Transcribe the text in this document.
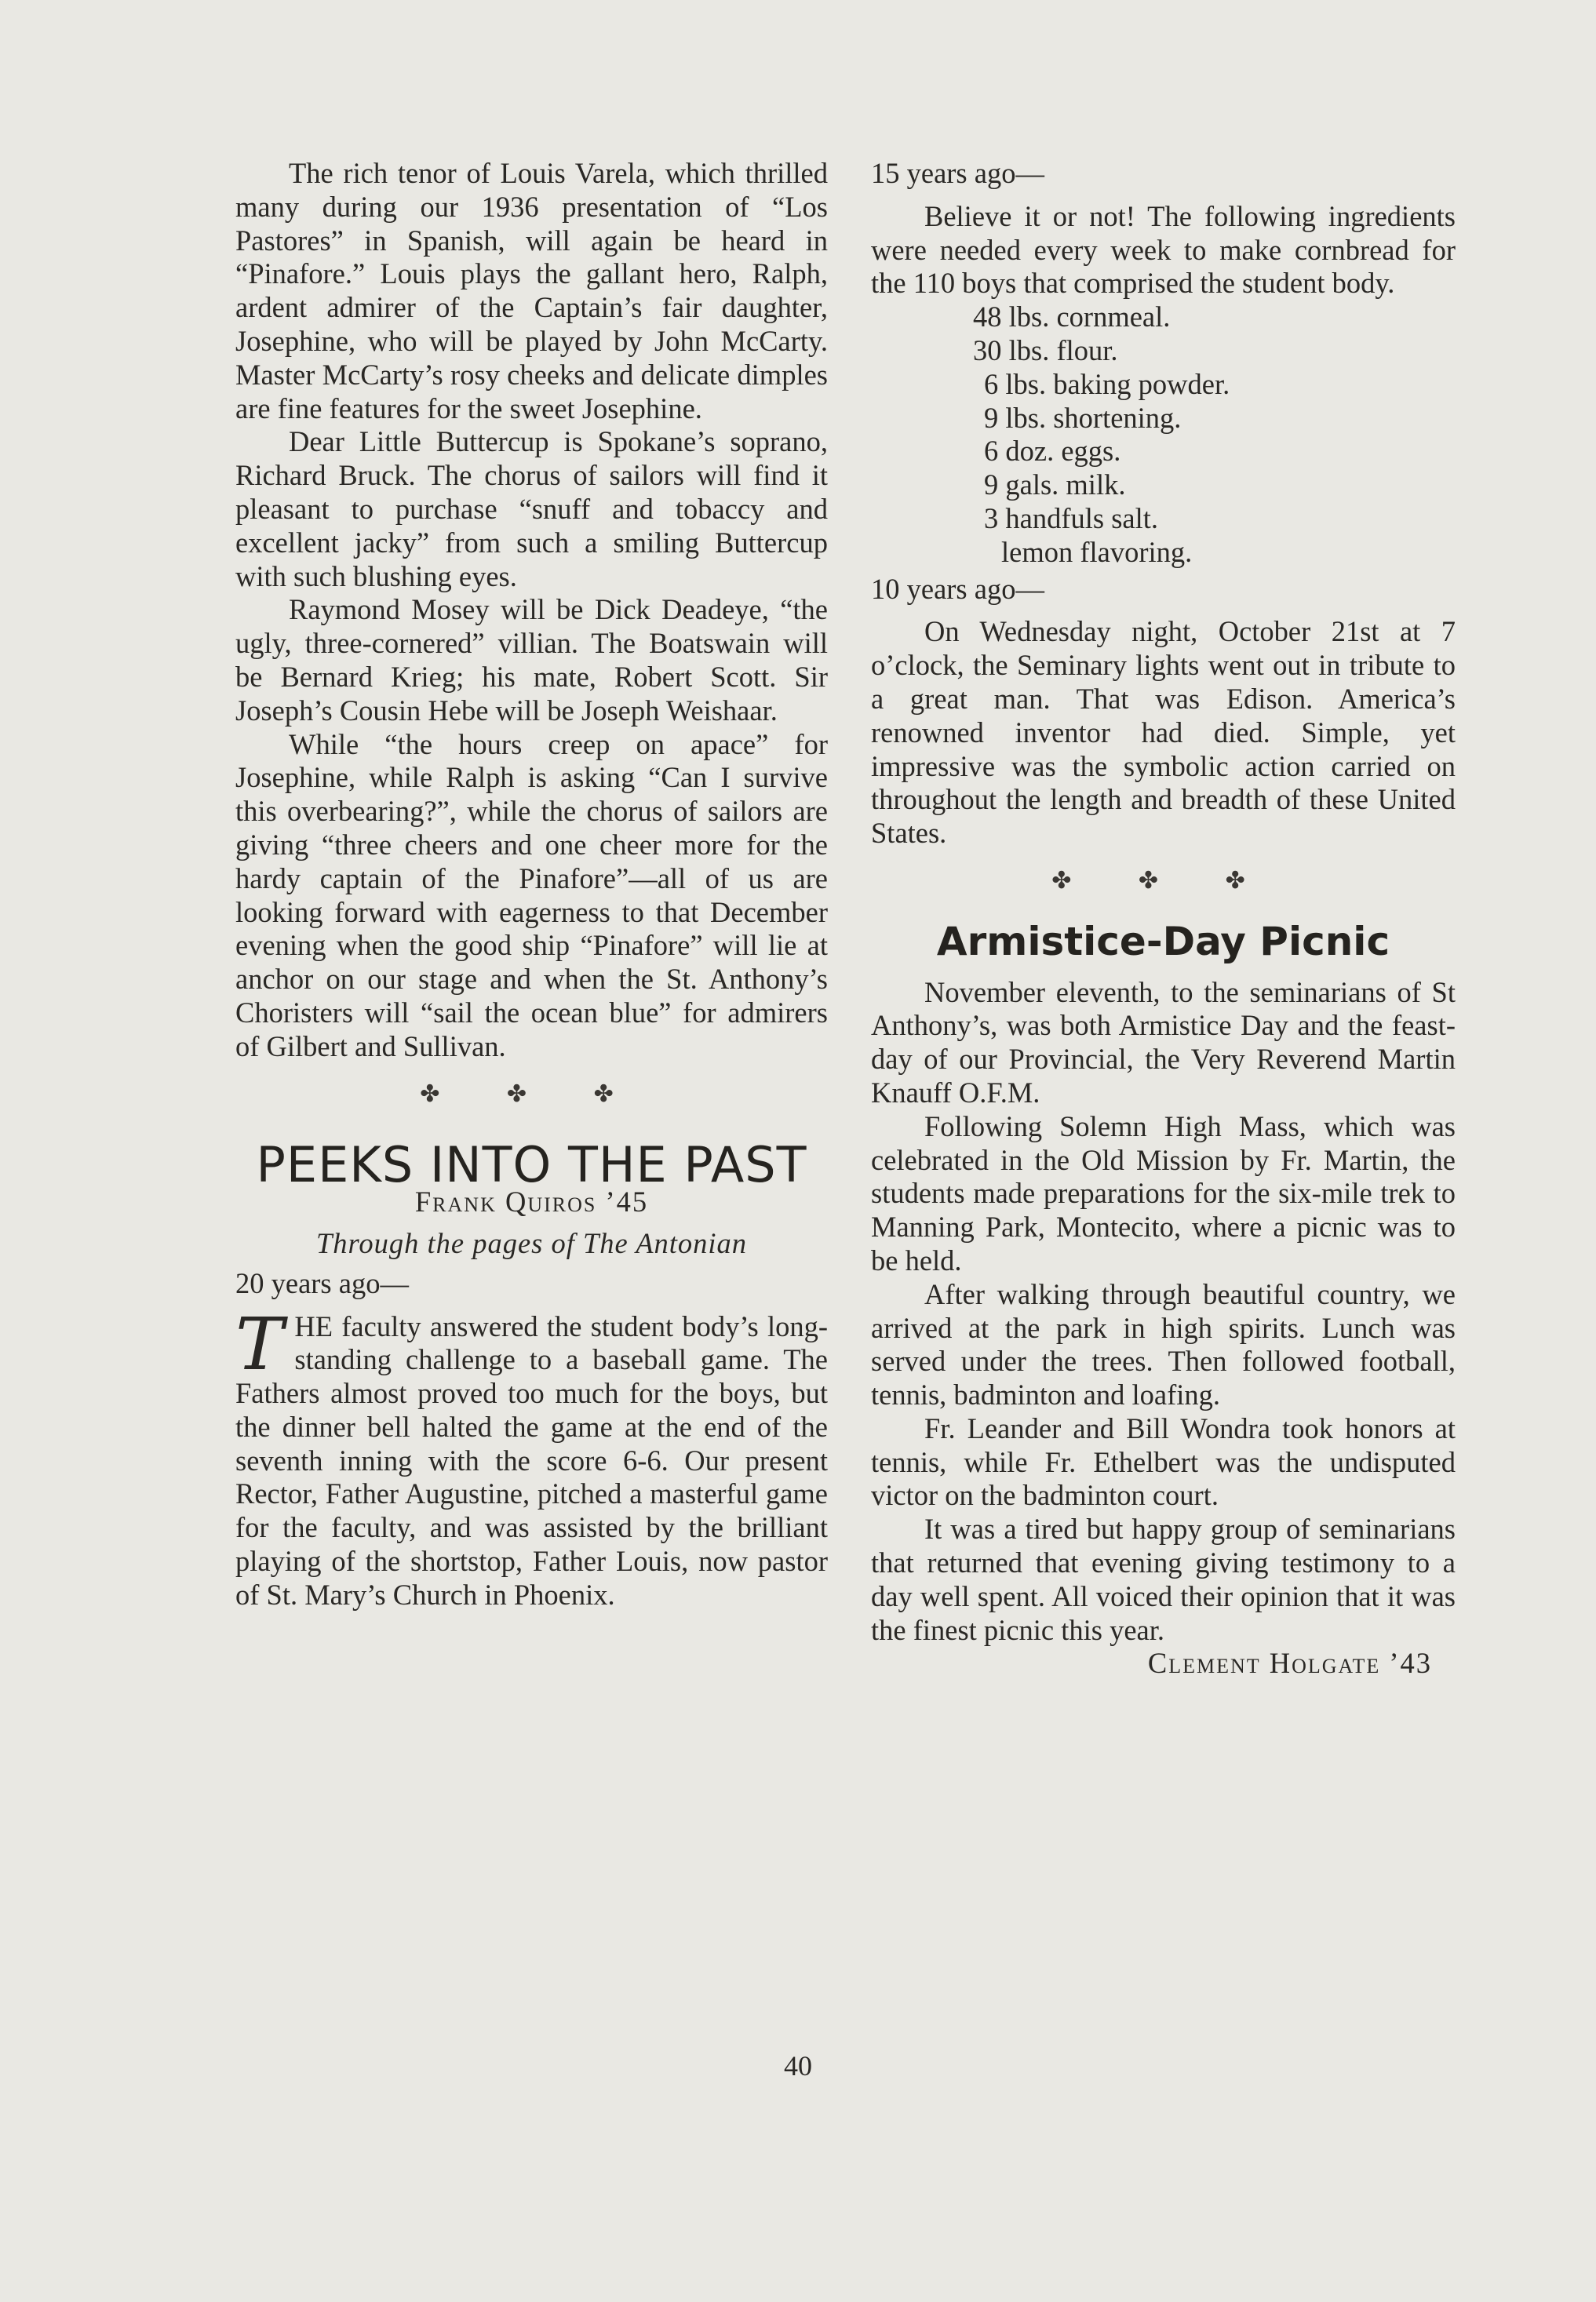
The rich tenor of Louis Varela, which thrilled many during our 1936 presentation of “Los Pastores” in Spanish, will again be heard in “Pinafore.” Louis plays the gallant hero, Ralph, ardent admirer of the Captain’s fair daughter, Josephine, who will be played by John McCarty. Master McCarty’s rosy cheeks and delicate dimples are fine features for the sweet Josephine.

Dear Little Buttercup is Spokane’s soprano, Richard Bruck. The chorus of sailors will find it pleasant to purchase “snuff and tobaccy and excellent jacky” from such a smiling Buttercup with such blushing eyes.

Raymond Mosey will be Dick Deadeye, “the ugly, three-cornered” villian. The Boatswain will be Bernard Krieg; his mate, Robert Scott. Sir Joseph’s Cousin Hebe will be Joseph Weishaar.

While “the hours creep on apace” for Josephine, while Ralph is asking “Can I survive this overbearing?”, while the chorus of sailors are giving “three cheers and one cheer more for the hardy captain of the Pinafore”—all of us are looking forward with eagerness to that December evening when the good ship “Pinafore” will lie at anchor on our stage and when the St. Anthony’s Choristers will “sail the ocean blue” for admirers of Gilbert and Sullivan.

✤ ✤ ✤
PEEKS INTO THE PAST
Frank Quiros ’45
Through the pages of The Antonian
20 years ago—

THE faculty answered the student body’s long-standing challenge to a baseball game. The Fathers almost proved too much for the boys, but the dinner bell halted the game at the end of the seventh inning with the score 6-6. Our present Rector, Father Augustine, pitched a masterful game for the faculty, and was assisted by the brilliant playing of the shortstop, Father Louis, now pastor of St. Mary’s Church in Phoenix.

15 years ago—

Believe it or not! The following ingredients were needed every week to make cornbread for the 110 boys that comprised the student body.

48 lbs. cornmeal.
30 lbs. flour.
6 lbs. baking powder.
9 lbs. shortening.
6 doz. eggs.
9 gals. milk.
3 handfuls salt.
lemon flavoring.
10 years ago—

On Wednesday night, October 21st at 7 o’clock, the Seminary lights went out in tribute to a great man. That was Edison. America’s renowned inventor had died. Simple, yet impressive was the symbolic action carried on throughout the length and breadth of these United States.

✤ ✤ ✤
Armistice-Day Picnic

November eleventh, to the seminarians of St Anthony’s, was both Armistice Day and the feast-day of our Provincial, the Very Reverend Martin Knauff O.F.M.

Following Solemn High Mass, which was celebrated in the Old Mission by Fr. Martin, the students made preparations for the six-mile trek to Manning Park, Montecito, where a picnic was to be held.

After walking through beautiful country, we arrived at the park in high spirits. Lunch was served under the trees. Then followed football, tennis, badminton and loafing.

Fr. Leander and Bill Wondra took honors at tennis, while Fr. Ethelbert was the undisputed victor on the badminton court.

It was a tired but happy group of seminarians that returned that evening giving testimony to a day well spent. All voiced their opinion that it was the finest picnic this year.

Clement Holgate ’43
40
